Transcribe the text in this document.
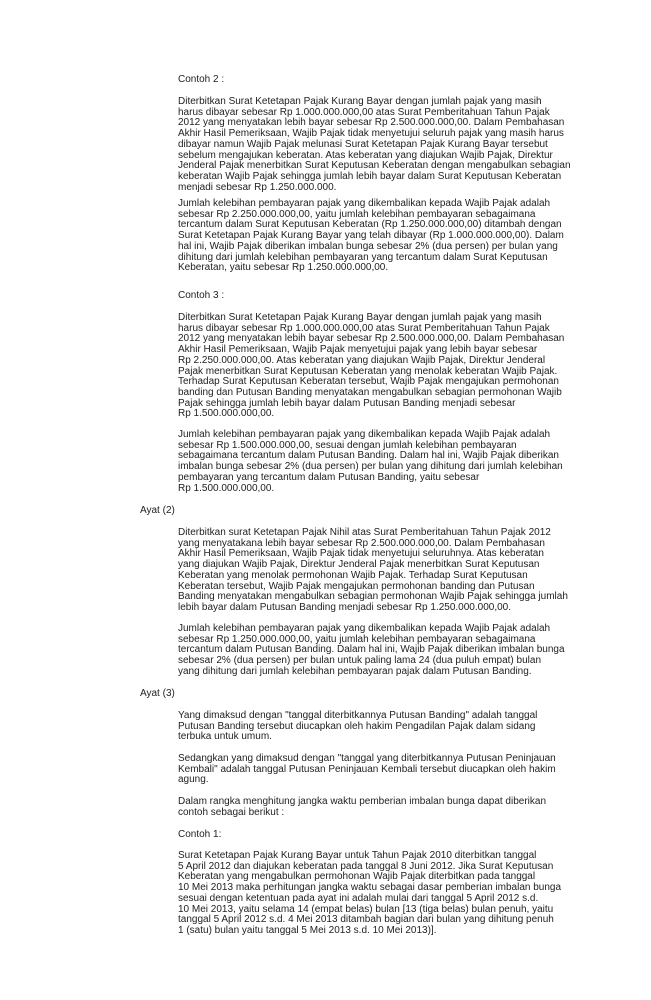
Contoh 2 :
Diterbitkan Surat Ketetapan Pajak Kurang Bayar dengan jumlah pajak yang masih
harus dibayar sebesar Rp 1.000.000.000,00 atas Surat Pemberitahuan Tahun Pajak
2012 yang menyatakan lebih bayar sebesar Rp 2.500.000.000,00. Dalam Pembahasan
Akhir Hasil Pemeriksaan, Wajib Pajak tidak menyetujui seluruh pajak yang masih harus
dibayar namun Wajib Pajak melunasi Surat Ketetapan Pajak Kurang Bayar tersebut
sebelum mengajukan keberatan. Atas keberatan yang diajukan Wajib Pajak, Direktur
Jenderal Pajak menerbitkan Surat Keputusan Keberatan dengan mengabulkan sebagian
keberatan Wajib Pajak sehingga jumlah lebih bayar dalam Surat Keputusan Keberatan
menjadi sebesar Rp 1.250.000.000.
Jumlah kelebihan pembayaran pajak yang dikembalikan kepada Wajib Pajak adalah
sebesar Rp 2.250.000.000,00, yaitu jumlah kelebihan pembayaran sebagaimana
tercantum dalam Surat Keputusan Keberatan (Rp 1.250.000.000,00) ditambah dengan
Surat Ketetapan Pajak Kurang Bayar yang telah dibayar (Rp 1.000.000.000,00). Dalam
hal ini, Wajib Pajak diberikan imbalan bunga sebesar 2% (dua persen) per bulan yang
dihitung dari jumlah kelebihan pembayaran yang tercantum dalam Surat Keputusan
Keberatan, yaitu sebesar Rp 1.250.000.000,00.
Contoh 3 :
Diterbitkan Surat Ketetapan Pajak Kurang Bayar dengan jumlah pajak yang masih
harus dibayar sebesar Rp 1.000.000.000,00 atas Surat Pemberitahuan Tahun Pajak
2012 yang menyatakan lebih bayar sebesar Rp 2.500.000.000,00. Dalam Pembahasan
Akhir Hasil Pemeriksaan, Wajib Pajak menyetujui pajak yang lebih bayar sebesar
Rp 2.250.000.000,00. Atas keberatan yang diajukan Wajib Pajak, Direktur Jenderal
Pajak menerbitkan Surat Keputusan Keberatan yang menolak keberatan Wajib Pajak.
Terhadap Surat Keputusan Keberatan tersebut, Wajib Pajak mengajukan permohonan
banding dan Putusan Banding menyatakan mengabulkan sebagian permohonan Wajib
Pajak sehingga jumlah lebih bayar dalam Putusan Banding menjadi sebesar
Rp 1.500.000.000,00.
Jumlah kelebihan pembayaran pajak yang dikembalikan kepada Wajib Pajak adalah
sebesar Rp 1.500.000.000,00, sesuai dengan jumlah kelebihan pembayaran
sebagaimana tercantum dalam Putusan Banding. Dalam hal ini, Wajib Pajak diberikan
imbalan bunga sebesar 2% (dua persen) per bulan yang dihitung dari jumlah kelebihan
pembayaran yang tercantum dalam Putusan Banding, yaitu sebesar
Rp 1.500.000.000,00.
Ayat (2)
Diterbitkan surat Ketetapan Pajak Nihil atas Surat Pemberitahuan Tahun Pajak 2012
yang menyatakana lebih bayar sebesar Rp 2.500.000.000,00. Dalam Pembahasan
Akhir Hasil Pemeriksaan, Wajib Pajak tidak menyetujui seluruhnya. Atas keberatan
yang diajukan Wajib Pajak, Direktur Jenderal Pajak menerbitkan Surat Keputusan
Keberatan yang menolak permohonan Wajib Pajak. Terhadap Surat Keputusan
Keberatan tersebut, Wajib Pajak mengajukan permohonan banding dan Putusan
Banding menyatakan mengabulkan sebagian permohonan Wajib Pajak sehingga jumlah
lebih bayar dalam Putusan Banding menjadi sebesar Rp 1.250.000.000,00.
Jumlah kelebihan pembayaran pajak yang dikembalikan kepada Wajib Pajak adalah
sebesar Rp 1.250.000.000,00, yaitu jumlah kelebihan pembayaran sebagaimana
tercantum dalam Putusan Banding. Dalam hal ini, Wajib Pajak diberikan imbalan bunga
sebesar 2% (dua persen) per bulan untuk paling lama 24 (dua puluh empat) bulan
yang dihitung dari jumlah kelebihan pembayaran pajak dalam Putusan Banding.
Ayat (3)
Yang dimaksud dengan "tanggal diterbitkannya Putusan Banding" adalah tanggal
Putusan Banding tersebut diucapkan oleh hakim Pengadilan Pajak dalam sidang
terbuka untuk umum.
Sedangkan yang dimaksud dengan "tanggal yang diterbitkannya Putusan Peninjauan
Kembali" adalah tanggal Putusan Peninjauan Kembali tersebut diucapkan oleh hakim
agung.
Dalam rangka menghitung jangka waktu pemberian imbalan bunga dapat diberikan
contoh sebagai berikut :
Contoh 1:
Surat Ketetapan Pajak Kurang Bayar untuk Tahun Pajak 2010 diterbitkan tanggal
5 April 2012 dan diajukan keberatan pada tanggal 8 Juni 2012. Jika Surat Keputusan
Keberatan yang mengabulkan permohonan Wajib Pajak diterbitkan pada tanggal
10 Mei 2013 maka perhitungan jangka waktu sebagai dasar pemberian imbalan bunga
sesuai dengan ketentuan pada ayat ini adalah mulai dari tanggal 5 April 2012 s.d.
10 Mei 2013, yaitu selama 14 (empat belas) bulan [13 (tiga belas) bulan penuh, yaitu
tanggal 5 April 2012 s.d. 4 Mei 2013 ditambah bagian dari bulan yang dihitung penuh
1 (satu) bulan yaitu tanggal 5 Mei 2013 s.d. 10 Mei 2013)].
